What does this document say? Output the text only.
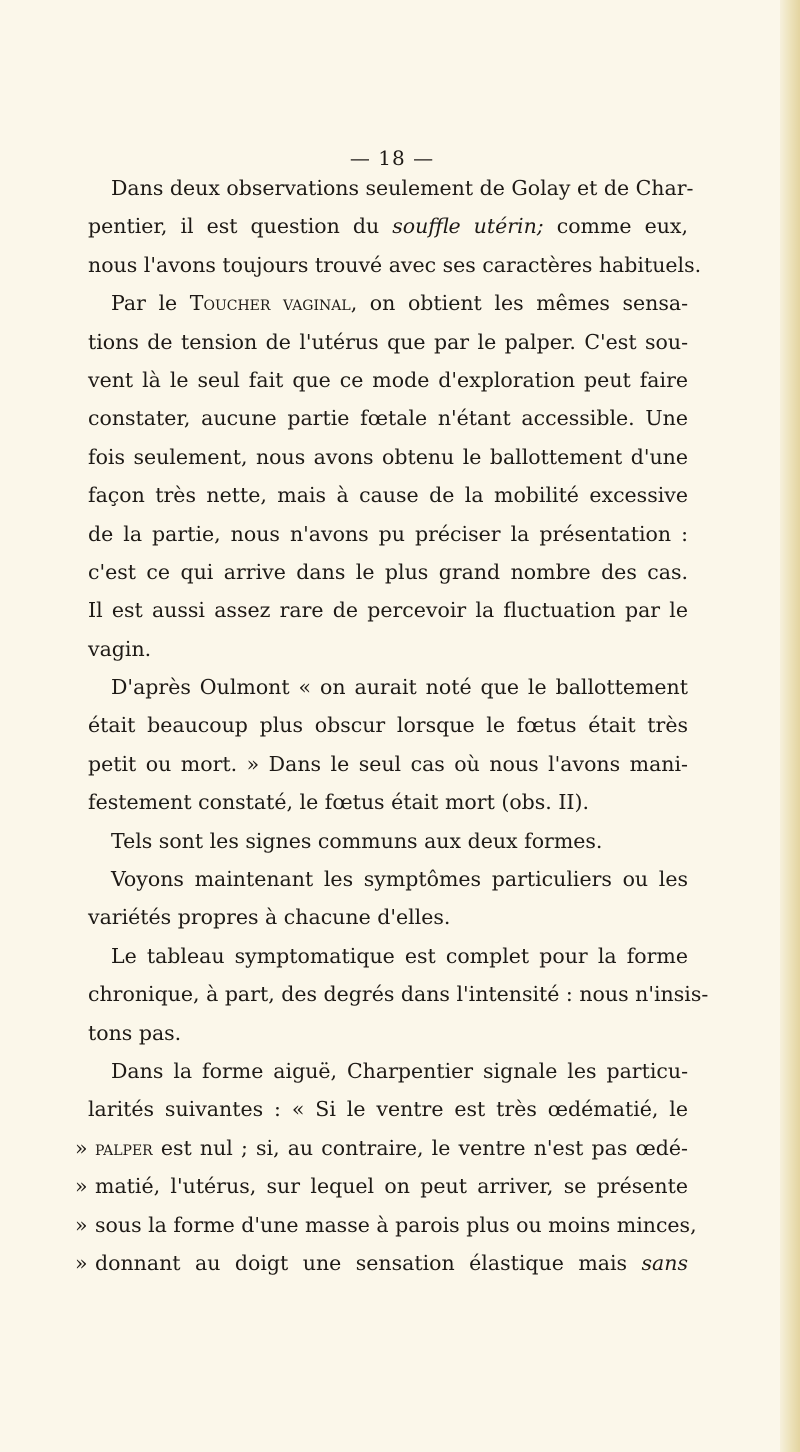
— 18 —
Dans deux observations seulement de Golay et de Char-
pentier, il est question du souffle utérin; comme eux,
nous l'avons toujours trouvé avec ses caractères habituels.
Par le Toucher vaginal, on obtient les mêmes sensa-
tions de tension de l'utérus que par le palper. C'est sou-
vent là le seul fait que ce mode d'exploration peut faire
constater, aucune partie fœtale n'étant accessible. Une
fois seulement, nous avons obtenu le ballottement d'une
façon très nette, mais à cause de la mobilité excessive
de la partie, nous n'avons pu préciser la présentation :
c'est ce qui arrive dans le plus grand nombre des cas.
Il est aussi assez rare de percevoir la fluctuation par le
vagin.
D'après Oulmont « on aurait noté que le ballottement
était beaucoup plus obscur lorsque le fœtus était très
petit ou mort. » Dans le seul cas où nous l'avons mani-
festement constaté, le fœtus était mort (obs. II).
Tels sont les signes communs aux deux formes.
Voyons maintenant les symptômes particuliers ou les
variétés propres à chacune d'elles.
Le tableau symptomatique est complet pour la forme
chronique, à part, des degrés dans l'intensité : nous n'insis-
tons pas.
Dans la forme aiguë, Charpentier signale les particu-
larités suivantes : « Si le ventre est très œdématié, le
» palper est nul ; si, au contraire, le ventre n'est pas œdé-
» matié, l'utérus, sur lequel on peut arriver, se présente
» sous la forme d'une masse à parois plus ou moins minces,
» donnant au doigt une sensation élastique mais sans
